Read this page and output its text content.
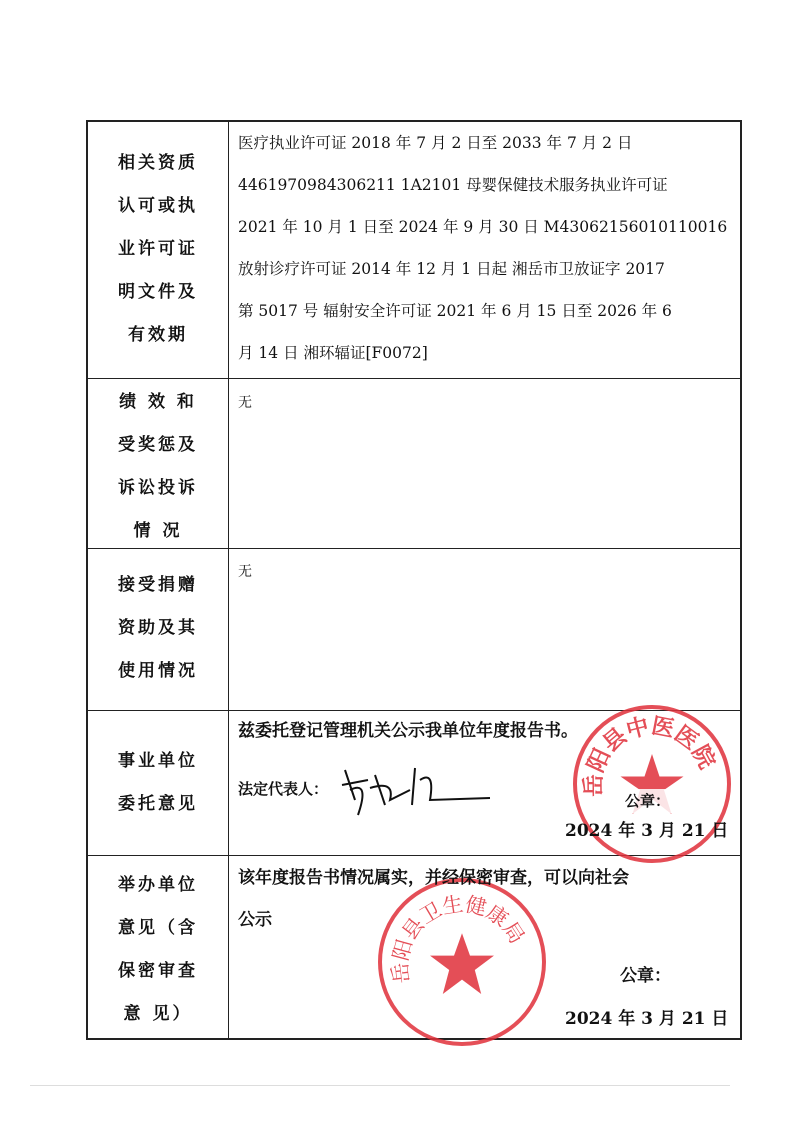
相关资质
认可或执
业许可证
明文件及
有效期
医疗执业许可证 2018 年 7 月 2 日至 2033 年 7 月 2 日
4461970984306211 1A2101 母婴保健技术服务执业许可证
2021 年 10 月 1 日至 2024 年 9 月 30 日 M43062156010110016
放射诊疗许可证 2014 年 12 月 1 日起 湘岳市卫放证字 2017
第 5017 号 辐射安全许可证 2021 年 6 月 15 日至 2026 年 6
月 14 日 湘环辐证[F0072]
绩 效 和
受奖惩及
诉讼投诉
情 况
无
接受捐赠
资助及其
使用情况
无
事业单位
委托意见
兹委托登记管理机关公示我单位年度报告书。
法定代表人：
公章：
2024 年 3 月 21 日
举办单位
意见（含
保密审查
意 见）
该年度报告书情况属实，并经保密审查，可以向社会
公示
公章：
2024 年 3 月 21 日
岳阳县中医医院
岳阳县卫生健康局
